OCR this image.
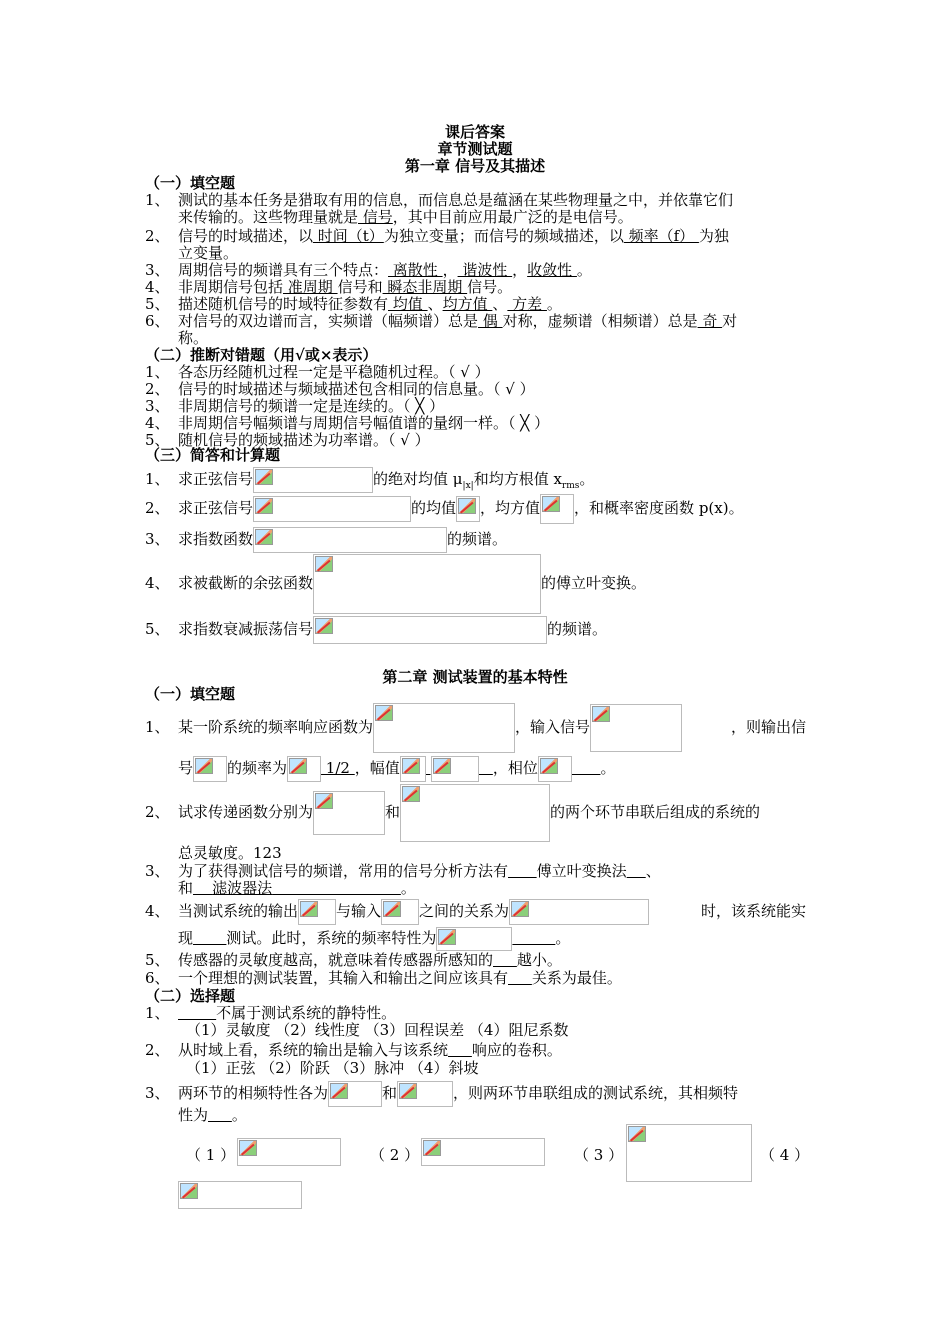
课后答案
章节测试题
第一章 信号及其描述
（一）填空题
1、 测试的基本任务是猎取有用的信息，而信息总是蕴涵在某些物理量之中，并依靠它们
来传输的。这些物理量就是 信号，其中目前应用最广泛的是电信号。
2、 信号的时域描述，以 时间（t）为独立变量；而信号的频域描述，以 频率（f） 为独
立变量。
3、 周期信号的频谱具有三个特点： 离散性 ， 谐波性 ，收敛性 。
4、 非周期信号包括 准周期 信号和 瞬态非周期 信号。
5、 描述随机信号的时域特征参数有 均值 、均方值 、 方差 。
6、 对信号的双边谱而言，实频谱（幅频谱）总是 偶 对称，虚频谱（相频谱）总是 奇 对
称。
（二）推断对错题（用√或×表示）
1、 各态历经随机过程一定是平稳随机过程。（ √ ）
2、 信号的时域描述与频域描述包含相同的信息量。（ √ ）
3、 非周期信号的频谱一定是连续的。（ ╳ ）
4、 非周期信号幅频谱与周期信号幅值谱的量纲一样。（ ╳ ）
5、 随机信号的频域描述为功率谱。（ √ ）
（三）简答和计算题
1、 求正弦信号	的绝对均值 $\mu_{|x|}$和均方根值 $x_{rms}$。
2、 求正弦信号	的均值 ，均方值 ，和概率密度函数 p(x)。
3、 求指数函数	的频谱。
4、 求被截断的余弦函数	的傅立叶变换。
5、 求指数衰减振荡信号	的频谱。
第二章 测试装置的基本特性
（一）填空题
1、 某一阶系统的频率响应函数为	，输入信号	，则输出信
号 的频率为
1/2 ，幅值
	，相位	。
2、 试求传递函数分别为	和	的两个环节串联后组成的系统的
总灵敏度。123
3、 为了获得测试信号的频谱，常用的信号分析方法有 傅立叶变换法 、
和 滤波器法	。
4、 当测试系统的输出	与输入	之间的关系为	时，该系统能实
现 测试。此时，系统的频率特性为	。
5、 传感器的灵敏度越高，就意味着传感器所感知的 越小。
6、 一个理想的测试装置，其输入和输出之间应该具有 关系为最佳。
（二）选择题
1、	不属于测试系统的静特性。
（1）灵敏度 （2）线性度 （3）回程误差 （4）阻尼系数
2、 从时域上看，系统的输出是输入与该系统 响应的卷积。
（1）正弦 （2）阶跃 （3）脉冲 （4）斜坡
3、 两环节的相频特性各为	和	，则两环节串联组成的测试系统，其相频特
性为 。
（ 1 ）	（ 2 ）	（ 3 ）	（ 4 ）
